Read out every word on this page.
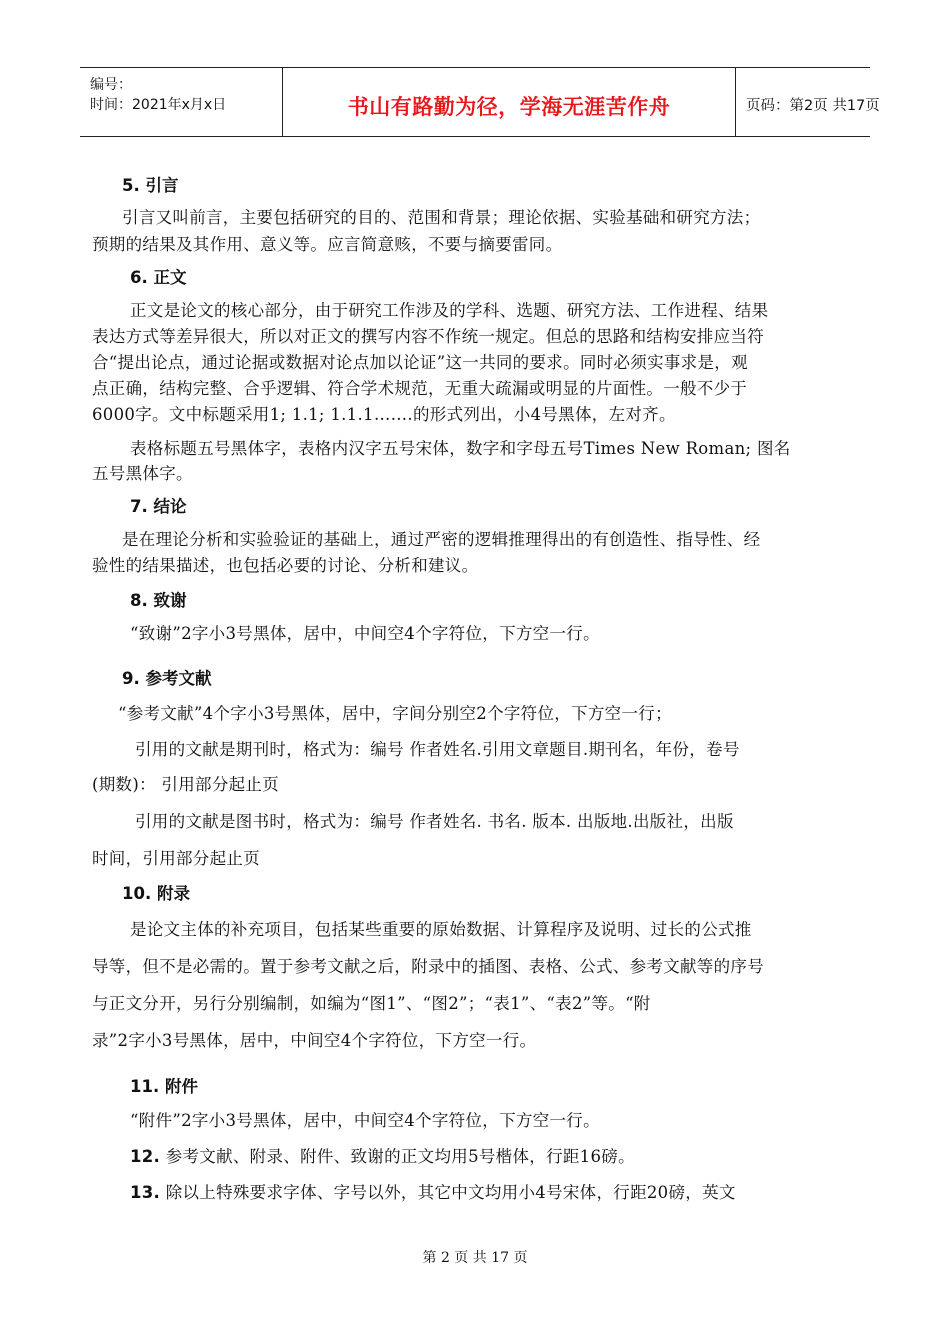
编号：
时间：2021年x月x日	书山有路勤为径，学海无涯苦作舟	页码：第2页 共17页
5. 引言
引言又叫前言，主要包括研究的目的、范围和背景；理论依据、实验基础和研究方法；
预期的结果及其作用、意义等。应言简意赅，不要与摘要雷同。
6. 正文
正文是论文的核心部分，由于研究工作涉及的学科、选题、研究方法、工作进程、结果
表达方式等差异很大，所以对正文的撰写内容不作统一规定。但总的思路和结构安排应当符
合“提出论点，通过论据或数据对论点加以论证”这一共同的要求。同时必须实事求是，观
点正确，结构完整、合乎逻辑、符合学术规范，无重大疏漏或明显的片面性。一般不少于
6000字。文中标题采用1; 1.1; 1.1.1…….的形式列出，小4号黑体，左对齐。
表格标题五号黑体字，表格内汉字五号宋体，数字和字母五号Times New Roman; 图名
五号黑体字。
7. 结论
是在理论分析和实验验证的基础上，通过严密的逻辑推理得出的有创造性、指导性、经
验性的结果描述，也包括必要的讨论、分析和建议。
8. 致谢
“致谢”2字小3号黑体，居中，中间空4个字符位，下方空一行。
9. 参考文献
“参考文献”4个字小3号黑体，居中，字间分别空2个字符位，下方空一行；
引用的文献是期刊时，格式为：编号 作者姓名.引用文章题目.期刊名，年份，卷号
(期数)： 引用部分起止页
引用的文献是图书时，格式为：编号 作者姓名. 书名. 版本. 出版地.出版社，出版
时间，引用部分起止页
10. 附录
是论文主体的补充项目，包括某些重要的原始数据、计算程序及说明、过长的公式推
导等，但不是必需的。置于参考文献之后，附录中的插图、表格、公式、参考文献等的序号
与正文分开，另行分别编制，如编为“图1”、“图2”；“表1”、“表2”等。“附
录”2字小3号黑体，居中，中间空4个字符位，下方空一行。
11. 附件
“附件”2字小3号黑体，居中，中间空4个字符位，下方空一行。
12. 参考文献、附录、附件、致谢的正文均用5号楷体，行距16磅。
13. 除以上特殊要求字体、字号以外，其它中文均用小4号宋体，行距20磅，英文
第 2 页 共 17 页
